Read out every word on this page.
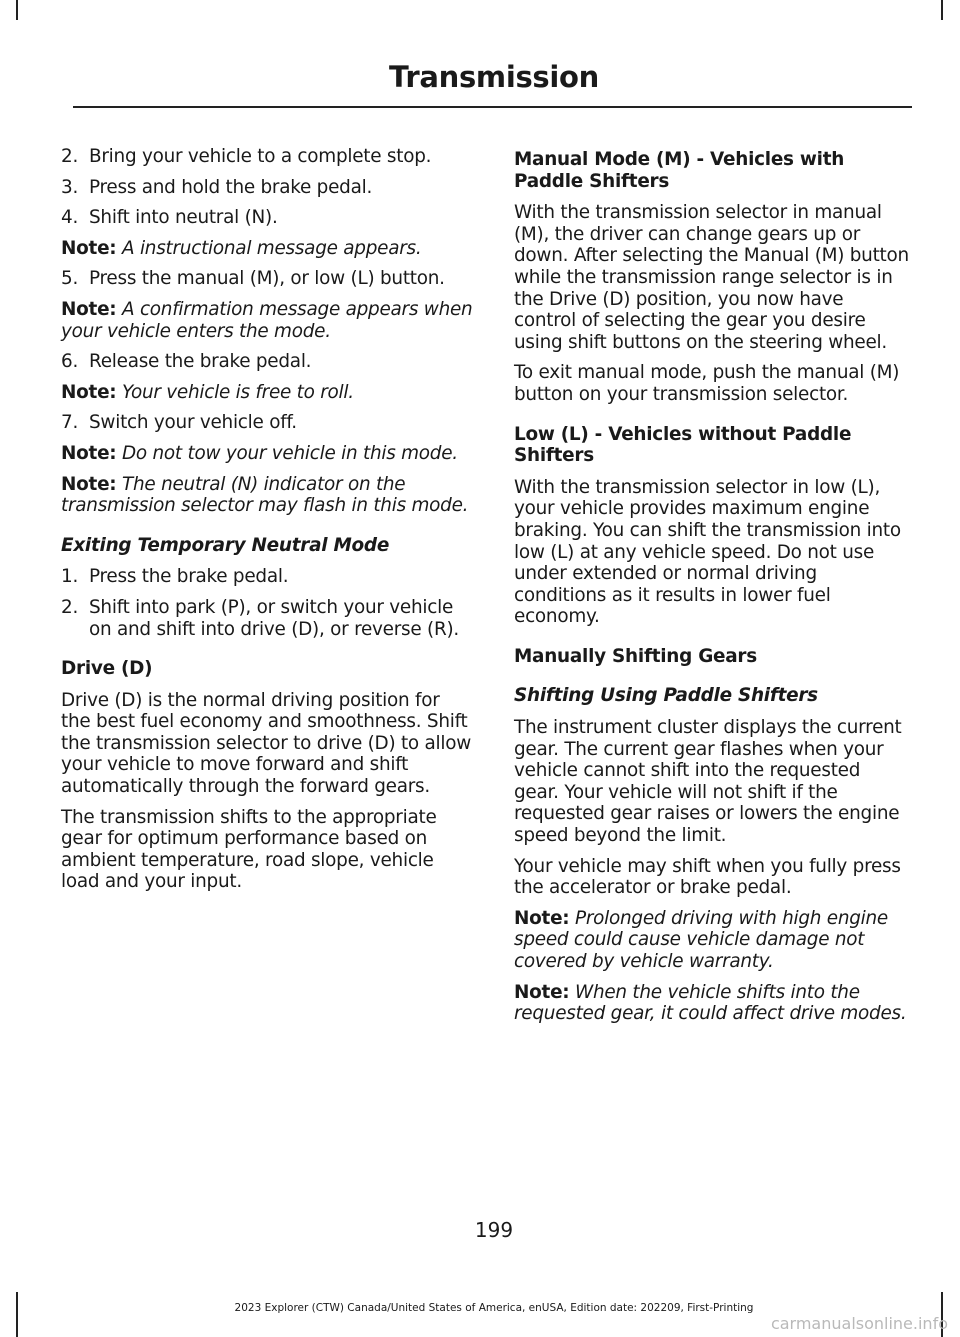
Transmission
2. Bring your vehicle to a complete stop.
3. Press and hold the brake pedal.
4. Shift into neutral (N).
Note: A instructional message appears.
5. Press the manual (M), or low (L) button.
Note: A confirmation message appears when your vehicle enters the mode.
6. Release the brake pedal.
Note: Your vehicle is free to roll.
7. Switch your vehicle off.
Note: Do not tow your vehicle in this mode.
Note: The neutral (N) indicator on the transmission selector may flash in this mode.
Exiting Temporary Neutral Mode
1. Press the brake pedal.
2. Shift into park (P), or switch your vehicle on and shift into drive (D), or reverse (R).
Drive (D)
Drive (D) is the normal driving position for the best fuel economy and smoothness. Shift the transmission selector to drive (D) to allow your vehicle to move forward and shift automatically through the forward gears.
The transmission shifts to the appropriate gear for optimum performance based on ambient temperature, road slope, vehicle load and your input.
Manual Mode (M) - Vehicles with Paddle Shifters
With the transmission selector in manual (M), the driver can change gears up or down. After selecting the Manual (M) button while the transmission range selector is in the Drive (D) position, you now have control of selecting the gear you desire using shift buttons on the steering wheel.
To exit manual mode, push the manual (M) button on your transmission selector.
Low (L) - Vehicles without Paddle Shifters
With the transmission selector in low (L), your vehicle provides maximum engine braking. You can shift the transmission into low (L) at any vehicle speed. Do not use under extended or normal driving conditions as it results in lower fuel economy.
Manually Shifting Gears
Shifting Using Paddle Shifters
The instrument cluster displays the current gear. The current gear flashes when your vehicle cannot shift into the requested gear. Your vehicle will not shift if the requested gear raises or lowers the engine speed beyond the limit.
Your vehicle may shift when you fully press the accelerator or brake pedal.
Note: Prolonged driving with high engine speed could cause vehicle damage not covered by vehicle warranty.
Note: When the vehicle shifts into the requested gear, it could affect drive modes.
199
2023 Explorer (CTW) Canada/United States of America, enUSA, Edition date: 202209, First-Printing
carmanualsonline.info
